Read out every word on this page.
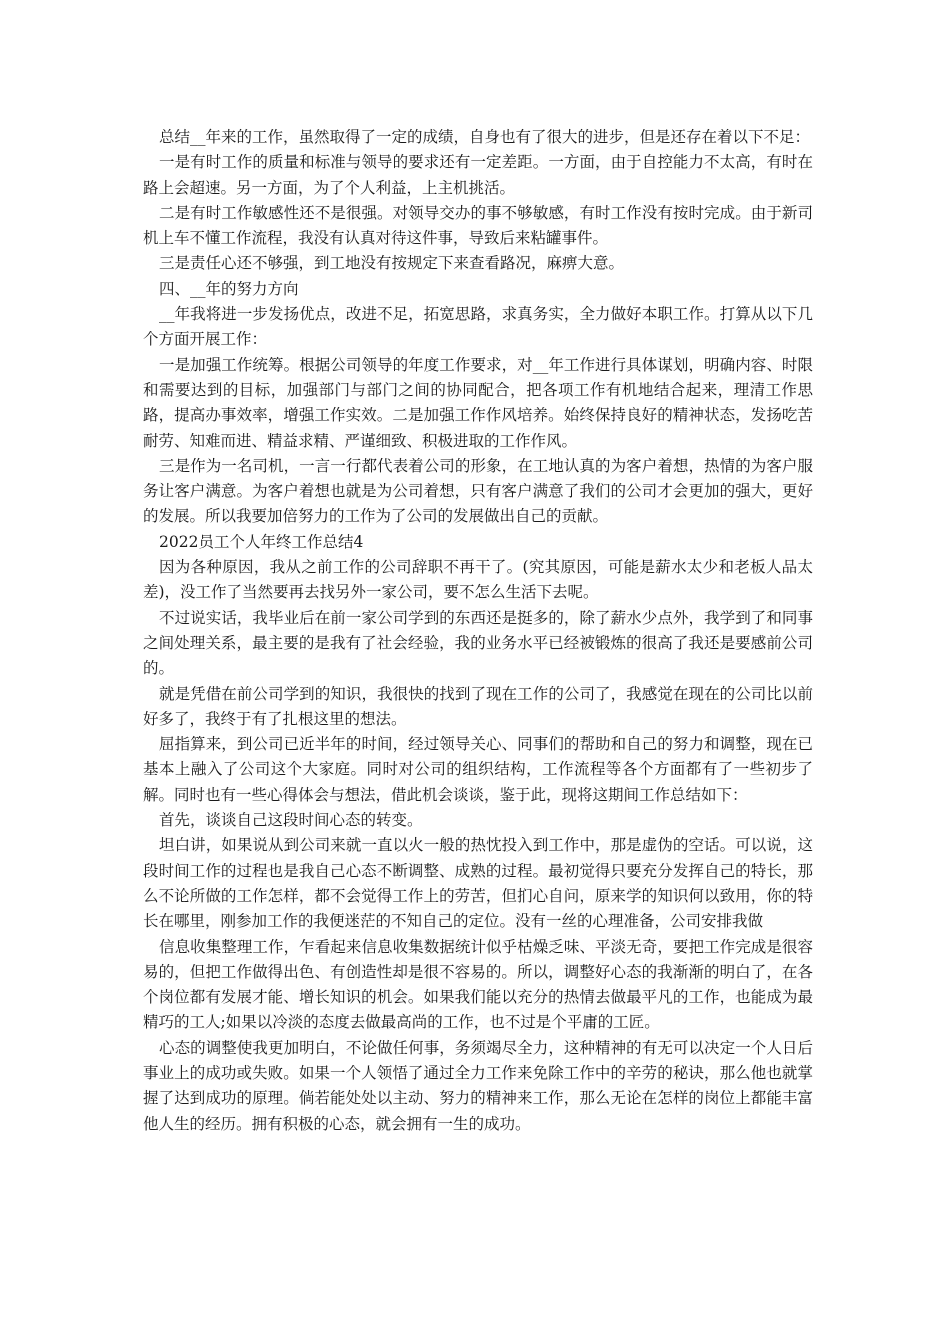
总结__年来的工作，虽然取得了一定的成绩，自身也有了很大的进步，但是还存在着以下不足：

一是有时工作的质量和标准与领导的要求还有一定差距。一方面，由于自控能力不太高，有时在路上会超速。另一方面，为了个人利益，上主机挑活。

二是有时工作敏感性还不是很强。对领导交办的事不够敏感，有时工作没有按时完成。由于新司机上车不懂工作流程，我没有认真对待这件事，导致后来粘罐事件。

三是责任心还不够强，到工地没有按规定下来查看路况，麻痹大意。

四、__年的努力方向

__年我将进一步发扬优点，改进不足，拓宽思路，求真务实，全力做好本职工作。打算从以下几个方面开展工作：

一是加强工作统筹。根据公司领导的年度工作要求，对__年工作进行具体谋划，明确内容、时限和需要达到的目标，加强部门与部门之间的协同配合，把各项工作有机地结合起来，理清工作思路，提高办事效率，增强工作实效。二是加强工作作风培养。始终保持良好的精神状态，发扬吃苦耐劳、知难而进、精益求精、严谨细致、积极进取的工作作风。

三是作为一名司机，一言一行都代表着公司的形象，在工地认真的为客户着想，热情的为客户服务让客户满意。为客户着想也就是为公司着想，只有客户满意了我们的公司才会更加的强大，更好的发展。所以我要加倍努力的工作为了公司的发展做出自己的贡献。

2022员工个人年终工作总结4

因为各种原因，我从之前工作的公司辞职不再干了。(究其原因，可能是薪水太少和老板人品太差)，没工作了当然要再去找另外一家公司，要不怎么生活下去呢。

不过说实话，我毕业后在前一家公司学到的东西还是挺多的，除了薪水少点外，我学到了和同事之间处理关系，最主要的是我有了社会经验，我的业务水平已经被锻炼的很高了我还是要感前公司的。

就是凭借在前公司学到的知识，我很快的找到了现在工作的公司了，我感觉在现在的公司比以前好多了，我终于有了扎根这里的想法。

屈指算来，到公司已近半年的时间，经过领导关心、同事们的帮助和自己的努力和调整，现在已基本上融入了公司这个大家庭。同时对公司的组织结构，工作流程等各个方面都有了一些初步了解。同时也有一些心得体会与想法，借此机会谈谈，鉴于此，现将这期间工作总结如下：

首先，谈谈自己这段时间心态的转变。

坦白讲，如果说从到公司来就一直以火一般的热忱投入到工作中，那是虚伪的空话。可以说，这段时间工作的过程也是我自己心态不断调整、成熟的过程。最初觉得只要充分发挥自己的特长，那么不论所做的工作怎样，都不会觉得工作上的劳苦，但扪心自问，原来学的知识何以致用，你的特长在哪里，刚参加工作的我便迷茫的不知自己的定位。没有一丝的心理准备，公司安排我做

信息收集整理工作，乍看起来信息收集数据统计似乎枯燥乏味、平淡无奇，要把工作完成是很容易的，但把工作做得出色、有创造性却是很不容易的。所以，调整好心态的我渐渐的明白了，在各个岗位都有发展才能、增长知识的机会。如果我们能以充分的热情去做最平凡的工作，也能成为最精巧的工人;如果以冷淡的态度去做最高尚的工作，也不过是个平庸的工匠。

心态的调整使我更加明白，不论做任何事，务须竭尽全力，这种精神的有无可以决定一个人日后事业上的成功或失败。如果一个人领悟了通过全力工作来免除工作中的辛劳的秘诀，那么他也就掌握了达到成功的原理。倘若能处处以主动、努力的精神来工作，那么无论在怎样的岗位上都能丰富他人生的经历。拥有积极的心态，就会拥有一生的成功。
